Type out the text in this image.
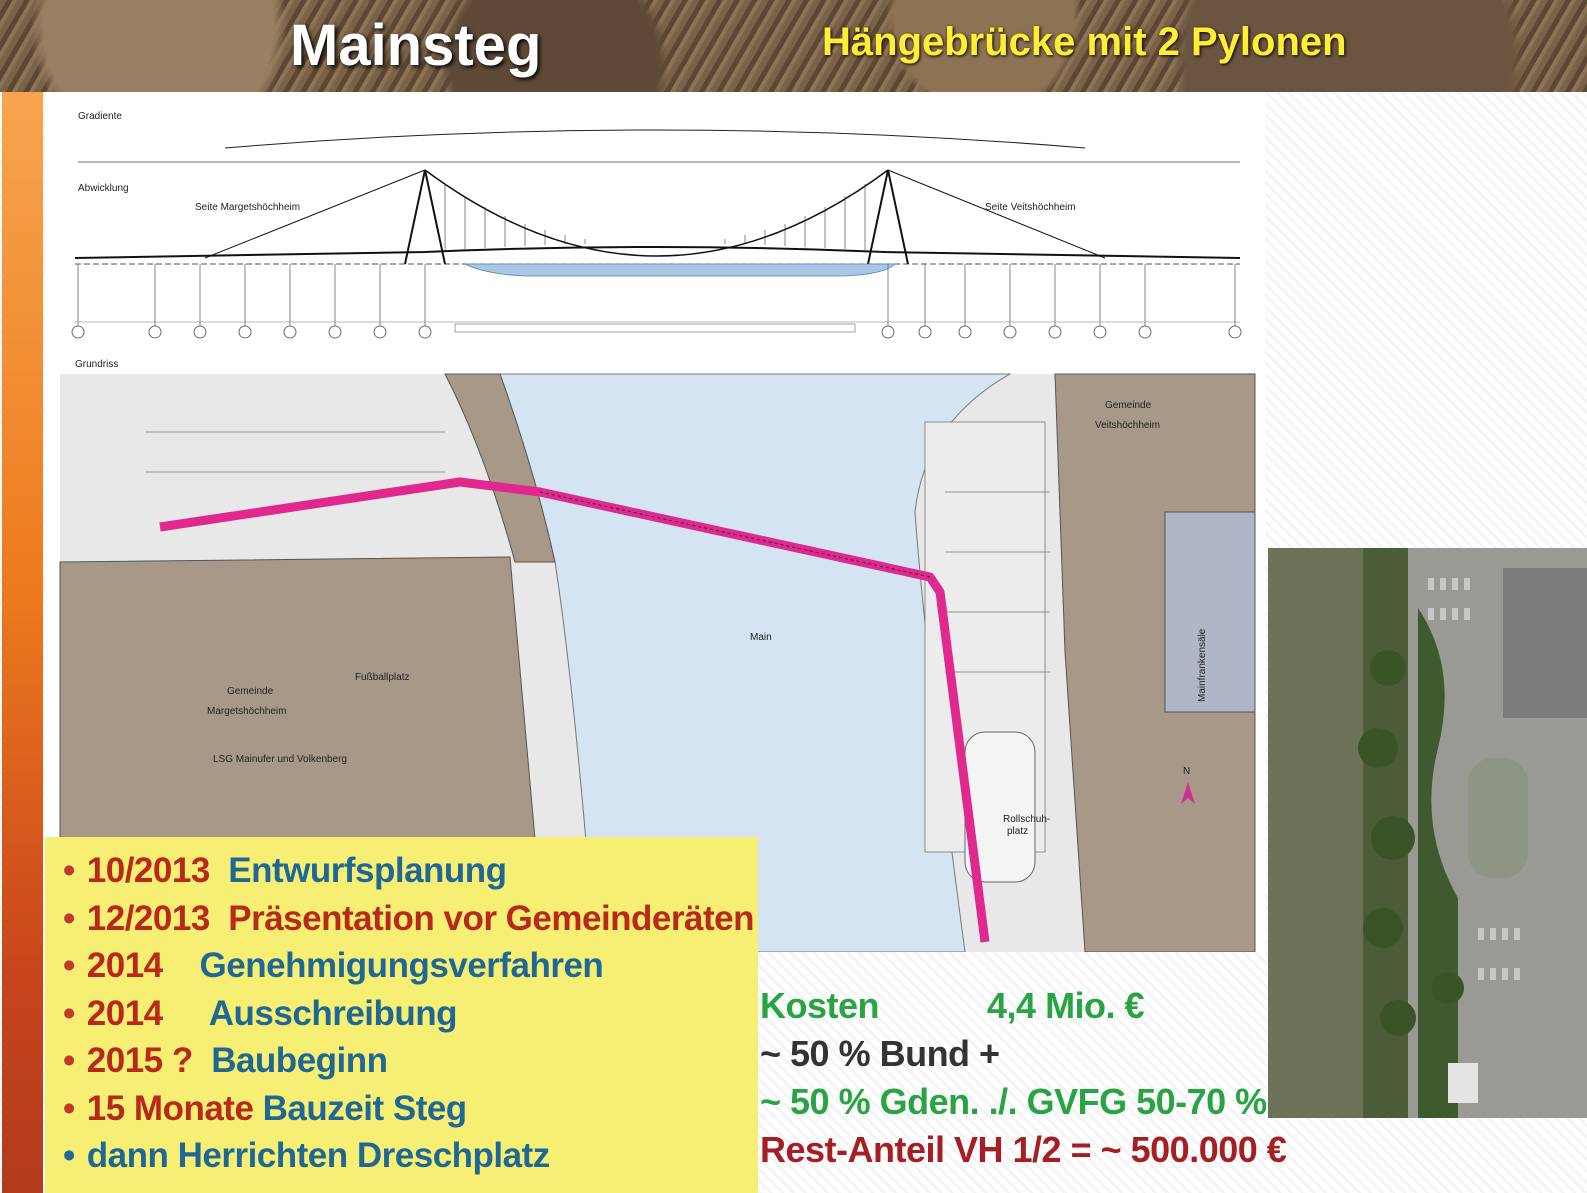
Mainsteg	Hängebrücke mit 2 Pylonen
Gradiente
Abwicklung
Seite Margetshöchheim	Seite Veitshöchheim
Grundriss
Main
Gemeinde
Margetshöchheim
LSG Mainufer und Volkenberg
Fußballplatz
Gemeinde
Veitshöchheim
Mainfrankensäle
Rollschuh-
platz
N
• 10/2013 Entwurfsplanung
• 12/2013 Präsentation vor Gemeinderäten
• 2014 Genehmigungsverfahren
• 2014 Ausschreibung
• 2015 ? Baubeginn
• 15 Monate Bauzeit Steg
• dann Herrichten Dreschplatz
Kosten	4,4 Mio. €
~ 50 % Bund +
~ 50 % Gden. ./. GVFG 50-70 %
Rest-Anteil VH 1/2 = ~ 500.000 €
